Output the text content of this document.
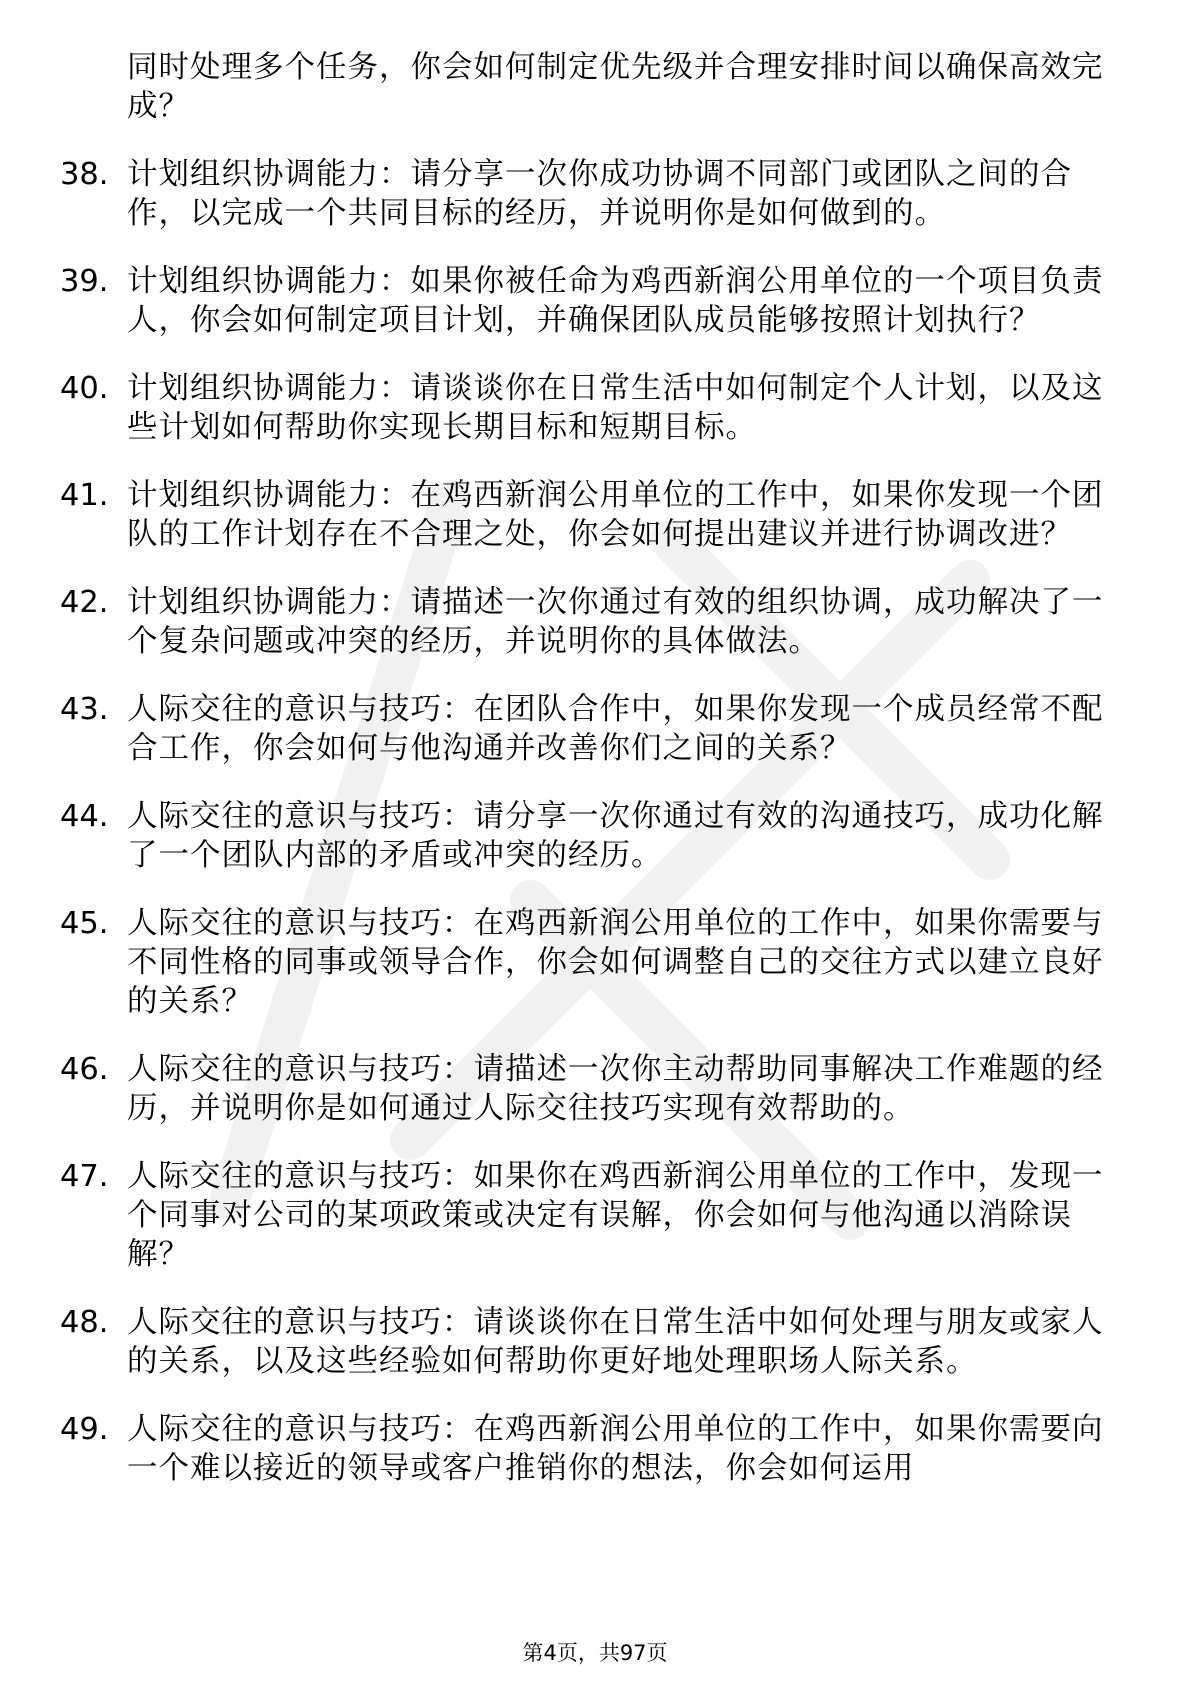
同时处理多个任务，你会如何制定优先级并合理安排时间以确保高效完成？
38. 计划组织协调能力：请分享一次你成功协调不同部门或团队之间的合作，以完成一个共同目标的经历，并说明你是如何做到的。
39. 计划组织协调能力：如果你被任命为鸡西新润公用单位的一个项目负责人，你会如何制定项目计划，并确保团队成员能够按照计划执行？
40. 计划组织协调能力：请谈谈你在日常生活中如何制定个人计划，以及这些计划如何帮助你实现长期目标和短期目标。
41. 计划组织协调能力：在鸡西新润公用单位的工作中，如果你发现一个团队的工作计划存在不合理之处，你会如何提出建议并进行协调改进？
42. 计划组织协调能力：请描述一次你通过有效的组织协调，成功解决了一个复杂问题或冲突的经历，并说明你的具体做法。
43. 人际交往的意识与技巧：在团队合作中，如果你发现一个成员经常不配合工作，你会如何与他沟通并改善你们之间的关系？
44. 人际交往的意识与技巧：请分享一次你通过有效的沟通技巧，成功化解了一个团队内部的矛盾或冲突的经历。
45. 人际交往的意识与技巧：在鸡西新润公用单位的工作中，如果你需要与不同性格的同事或领导合作，你会如何调整自己的交往方式以建立良好的关系？
46. 人际交往的意识与技巧：请描述一次你主动帮助同事解决工作难题的经历，并说明你是如何通过人际交往技巧实现有效帮助的。
47. 人际交往的意识与技巧：如果你在鸡西新润公用单位的工作中，发现一个同事对公司的某项政策或决定有误解，你会如何与他沟通以消除误解？
48. 人际交往的意识与技巧：请谈谈你在日常生活中如何处理与朋友或家人的关系，以及这些经验如何帮助你更好地处理职场人际关系。
49. 人际交往的意识与技巧：在鸡西新润公用单位的工作中，如果你需要向一个难以接近的领导或客户推销你的想法，你会如何运用
第4页，共97页
